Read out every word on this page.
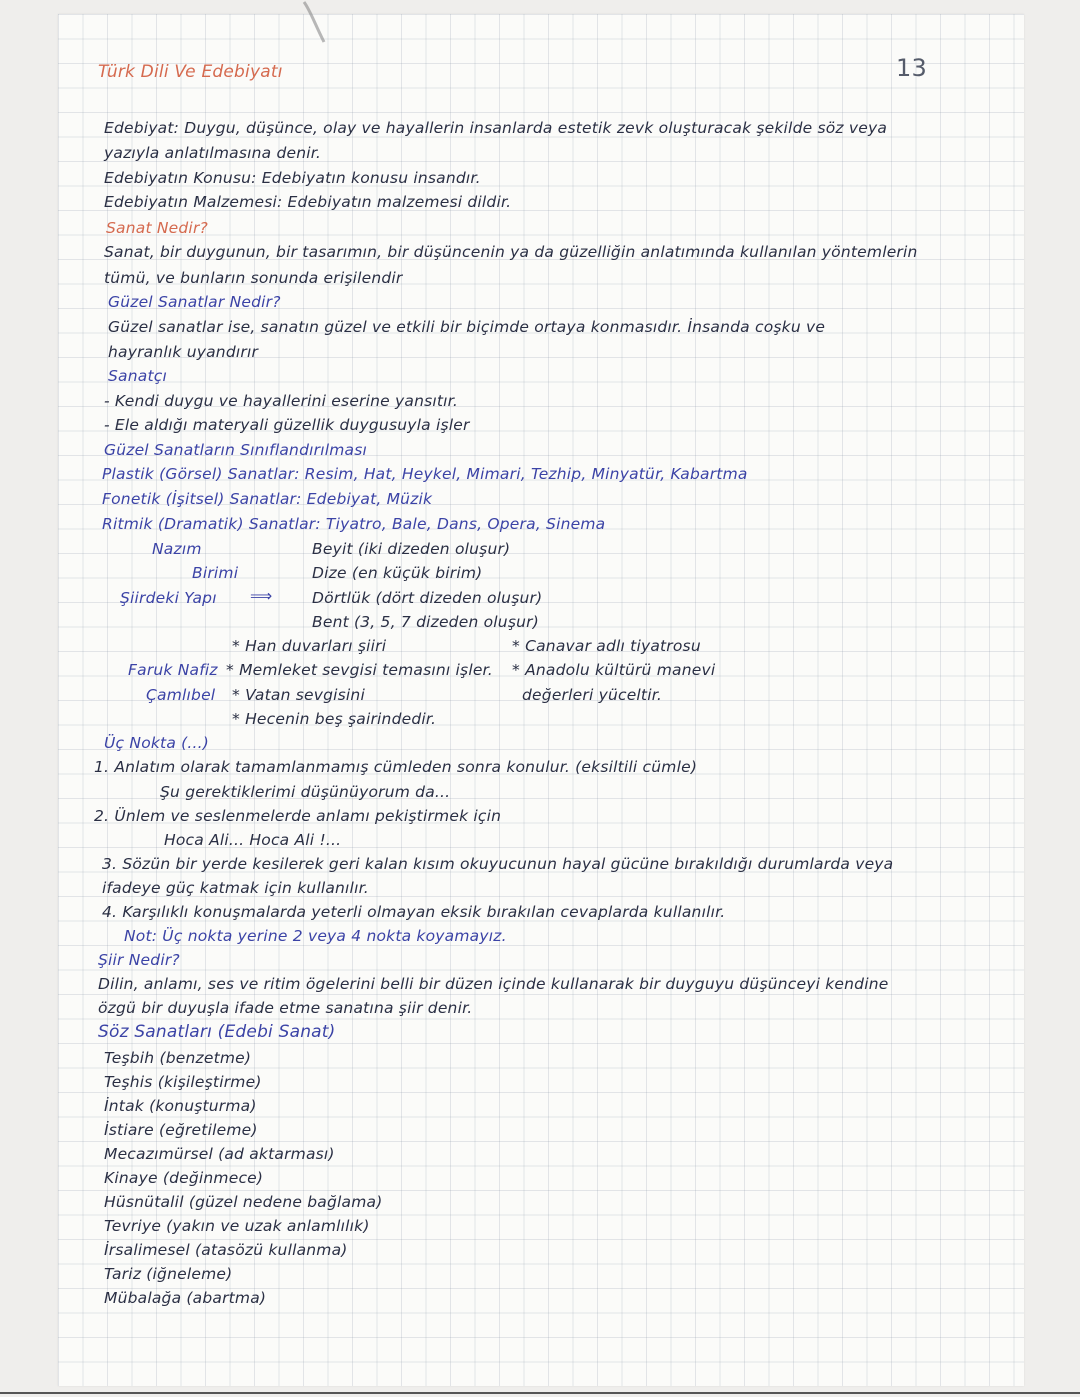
Türk Dili Ve Edebiyatı	13

Edebiyat: Duygu, düşünce, olay ve hayallerin insanlarda estetik zevk oluşturacak şekilde söz veya

yazıyla anlatılmasına denir.

Edebiyatın Konusu: Edebiyatın konusu insandır.

Edebiyatın Malzemesi: Edebiyatın malzemesi dildir.

Sanat Nedir?

Sanat, bir duygunun, bir tasarımın, bir düşüncenin ya da güzelliğin anlatımında kullanılan yöntemlerin

tümü, ve bunların sonunda erişilendir

Güzel Sanatlar Nedir?

Güzel sanatlar ise, sanatın güzel ve etkili bir biçimde ortaya konmasıdır. İnsanda coşku ve

hayranlık uyandırır

Sanatçı

- Kendi duygu ve hayallerini eserine yansıtır.

- Ele aldığı materyali güzellik duygusuyla işler

Güzel Sanatların Sınıflandırılması

Plastik (Görsel) Sanatlar: Resim, Hat, Heykel, Mimari, Tezhip, Minyatür, Kabartma

Fonetik (İşitsel) Sanatlar: Edebiyat, Müzik

Ritmik (Dramatik) Sanatlar: Tiyatro, Bale, Dans, Opera, Sinema

Nazım	Beyit (iki dizeden oluşur)

Birimi	Dize (en küçük birim)

Şiirdeki Yapı ⟹	Dörtlük (dört dizeden oluşur)

Bent (3, 5, 7 dizeden oluşur)

* Han duvarları şiiri	* Canavar adlı tiyatrosu

Faruk Nafiz * Memleket sevgisi temasını işler. * Anadolu kültürü manevi

Çamlıbel * Vatan sevgisini	değerleri yüceltir.

* Hecenin beş şairindedir.

Üç Nokta (...)

1. Anlatım olarak tamamlanmamış cümleden sonra konulur. (eksiltili cümle)

Şu gerektiklerimi düşünüyorum da...

2. Ünlem ve seslenmelerde anlamı pekiştirmek için

Hoca Ali... Hoca Ali !...

3. Sözün bir yerde kesilerek geri kalan kısım okuyucunun hayal gücüne bırakıldığı durumlarda veya

ifadeye güç katmak için kullanılır.

4. Karşılıklı konuşmalarda yeterli olmayan eksik bırakılan cevaplarda kullanılır.

Not: Üç nokta yerine 2 veya 4 nokta koyamayız.

Şiir Nedir?

Dilin, anlamı, ses ve ritim ögelerini belli bir düzen içinde kullanarak bir duyguyu düşünceyi kendine

özgü bir duyuşla ifade etme sanatına şiir denir.

Söz Sanatları (Edebi Sanat)

Teşbih (benzetme)

Teşhis (kişileştirme)

İntak (konuşturma)

İstiare (eğretileme)

Mecazımürsel (ad aktarması)

Kinaye (değinmece)

Hüsnütalil (güzel nedene bağlama)

Tevriye (yakın ve uzak anlamlılık)

İrsalimesel (atasözü kullanma)

Tariz (iğneleme)

Mübalağa (abartma)
